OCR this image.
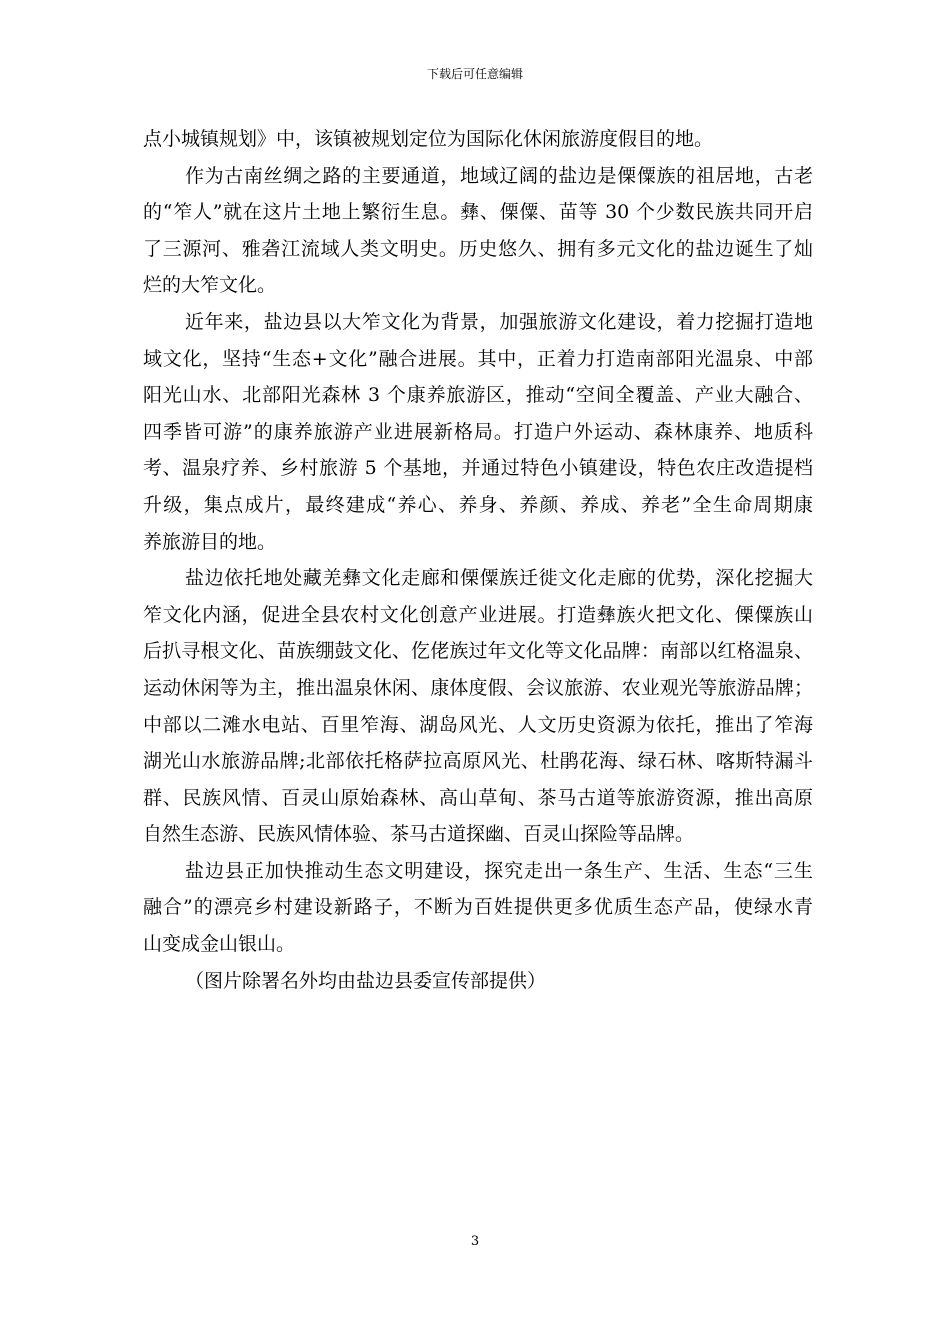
下载后可任意编辑
点小城镇规划》中，该镇被规划定位为国际化休闲旅游度假目的地。
作为古南丝绸之路的主要通道，地域辽阔的盐边是傈僳族的祖居地，古老
的“笮人”就在这片土地上繁衍生息。彝、傈僳、苗等 30 个少数民族共同开启
了三源河、雅砻江流域人类文明史。历史悠久、拥有多元文化的盐边诞生了灿
烂的大笮文化。
近年来，盐边县以大笮文化为背景，加强旅游文化建设，着力挖掘打造地
域文化，坚持“生态+文化”融合进展。其中，正着力打造南部阳光温泉、中部
阳光山水、北部阳光森林 3 个康养旅游区，推动“空间全覆盖、产业大融合、
四季皆可游”的康养旅游产业进展新格局。打造户外运动、森林康养、地质科
考、温泉疗养、乡村旅游 5 个基地，并通过特色小镇建设，特色农庄改造提档
升级，集点成片，最终建成“养心、养身、养颜、养成、养老”全生命周期康
养旅游目的地。
盐边依托地处藏羌彝文化走廊和傈僳族迁徙文化走廊的优势，深化挖掘大
笮文化内涵，促进全县农村文化创意产业进展。打造彝族火把文化、傈僳族山
后扒寻根文化、苗族绷鼓文化、仡佬族过年文化等文化品牌：南部以红格温泉、
运动休闲等为主，推出温泉休闲、康体度假、会议旅游、农业观光等旅游品牌；
中部以二滩水电站、百里笮海、湖岛风光、人文历史资源为依托，推出了笮海
湖光山水旅游品牌;北部依托格萨拉高原风光、杜鹃花海、绿石林、喀斯特漏斗
群、民族风情、百灵山原始森林、高山草甸、茶马古道等旅游资源，推出高原
自然生态游、民族风情体验、茶马古道探幽、百灵山探险等品牌。
盐边县正加快推动生态文明建设，探究走出一条生产、生活、生态“三生
融合”的漂亮乡村建设新路子，不断为百姓提供更多优质生态产品，使绿水青
山变成金山银山。
（图片除署名外均由盐边县委宣传部提供）
3
